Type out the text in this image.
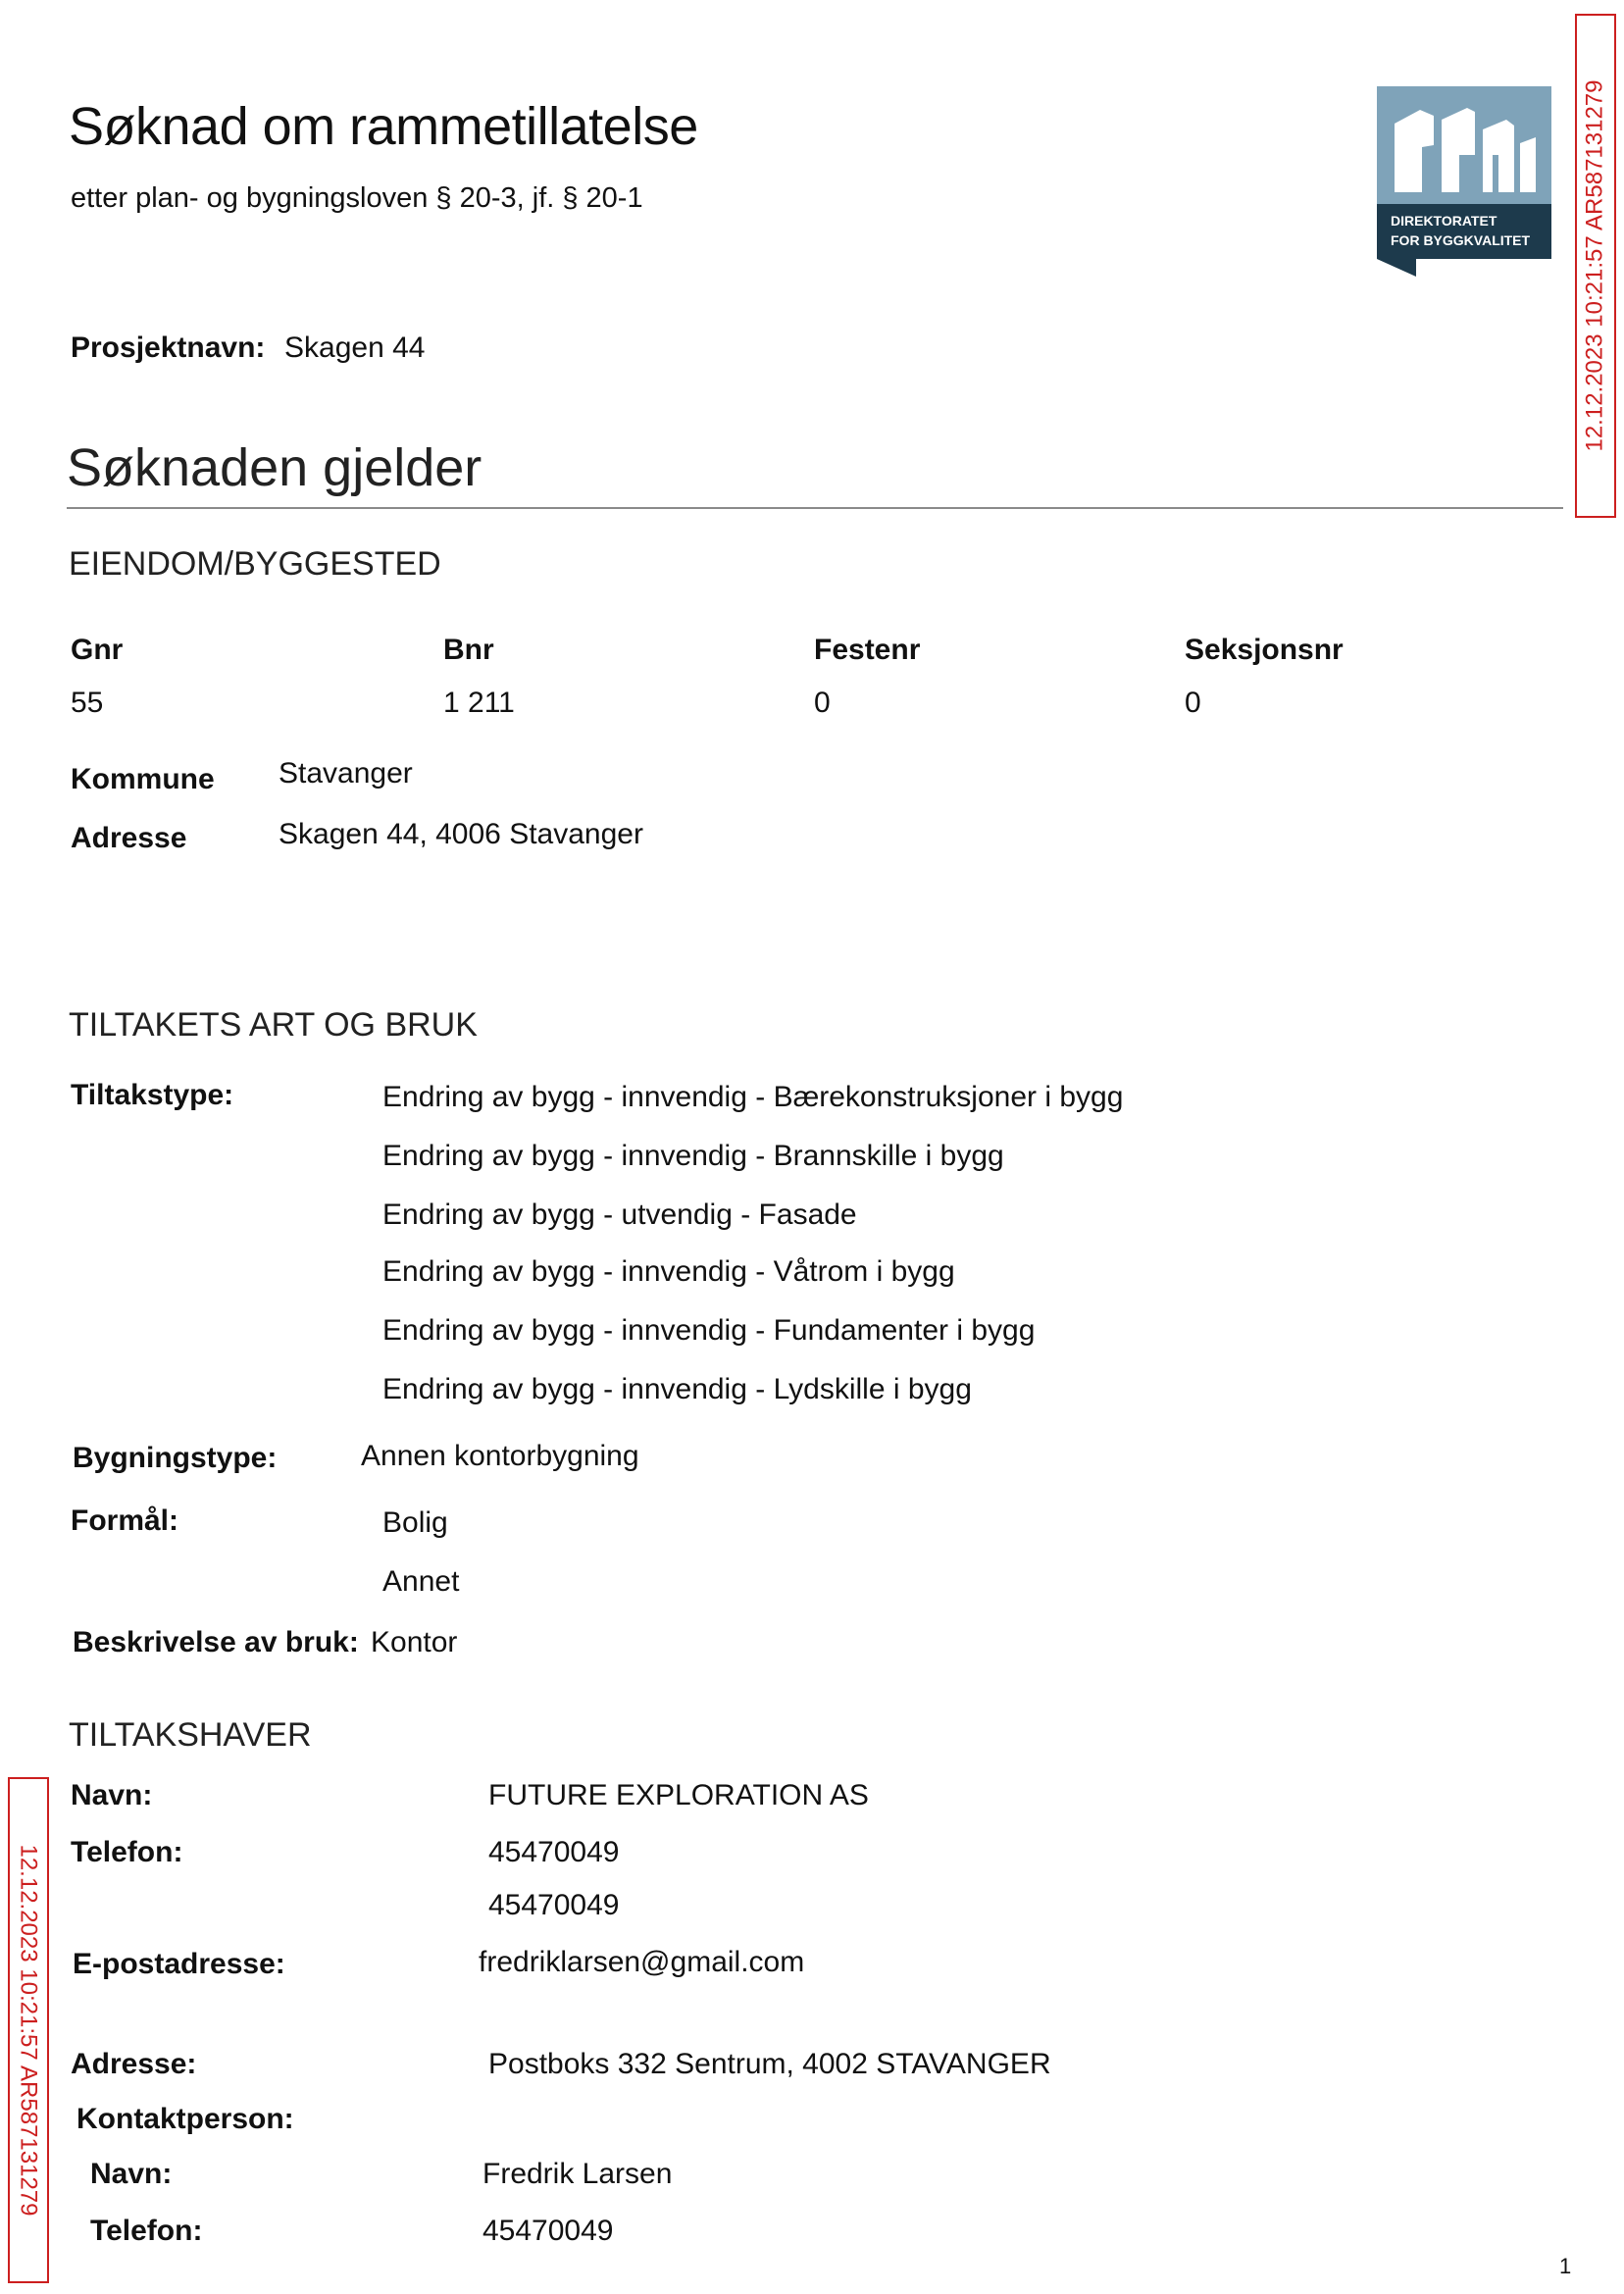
Søknad om rammetillatelse
etter plan- og bygningsloven § 20-3, jf. § 20-1
DIREKTORATET
FOR BYGGKVALITET 12.12.2023 10:21:57 AR587131279
12.12.2023 10:21:57 AR587131279
Prosjektnavn: Skagen 44
Søknaden gjelder
EIENDOM/BYGGESTED
Gnr	Bnr	Festenr	Seksjonsnr
55	1 211	0	0
Kommune Stavanger
Adresse	Skagen 44, 4006 Stavanger
TILTAKETS ART OG BRUK
Tiltakstype:	Endring av bygg - innvendig - Bærekonstruksjoner i bygg
Endring av bygg - innvendig - Brannskille i bygg
Endring av bygg - utvendig - Fasade
Endring av bygg - innvendig - Våtrom i bygg
Endring av bygg - innvendig - Fundamenter i bygg
Endring av bygg - innvendig - Lydskille i bygg
Bygningstype:	Annen kontorbygning
Formål:	Bolig
Annet
Beskrivelse av bruk: Kontor
TILTAKSHAVER
Navn:	FUTURE EXPLORATION AS
Telefon:	45470049
45470049
E-postadresse:	fredriklarsen@gmail.com
Adresse:	Postboks 332 Sentrum, 4002 STAVANGER
Kontaktperson:
Navn:	Fredrik Larsen
Telefon:	45470049
1
